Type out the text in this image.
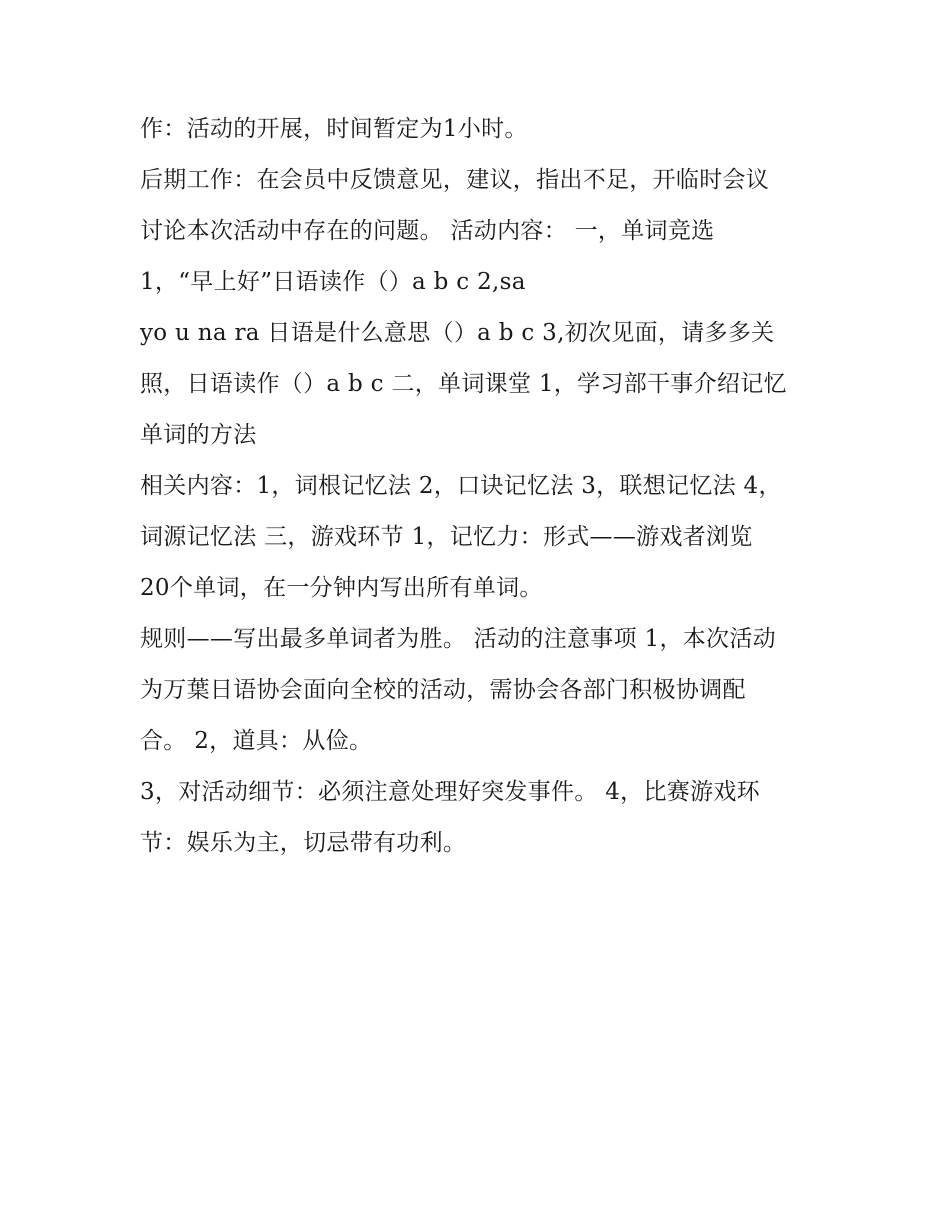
作：活动的开展，时间暂定为1小时。
后期工作：在会员中反馈意见，建议，指出不足，开临时会议
讨论本次活动中存在的问题。 活动内容： 一，单词竞选
1，“早上好”日语读作（）a b c 2,sa
yo u na ra 日语是什么意思（）a b c 3,初次见面，请多多关
照，日语读作（）a b c 二，单词课堂 1，学习部干事介绍记忆
单词的方法
相关内容：1，词根记忆法 2，口诀记忆法 3，联想记忆法 4，
词源记忆法 三，游戏环节 1，记忆力：形式——游戏者浏览
20个单词，在一分钟内写出所有单词。
规则——写出最多单词者为胜。 活动的注意事项 1，本次活动
为万葉日语协会面向全校的活动，需协会各部门积极协调配
合。 2，道具：从俭。
3，对活动细节：必须注意处理好突发事件。 4，比赛游戏环
节：娱乐为主，切忌带有功利。
